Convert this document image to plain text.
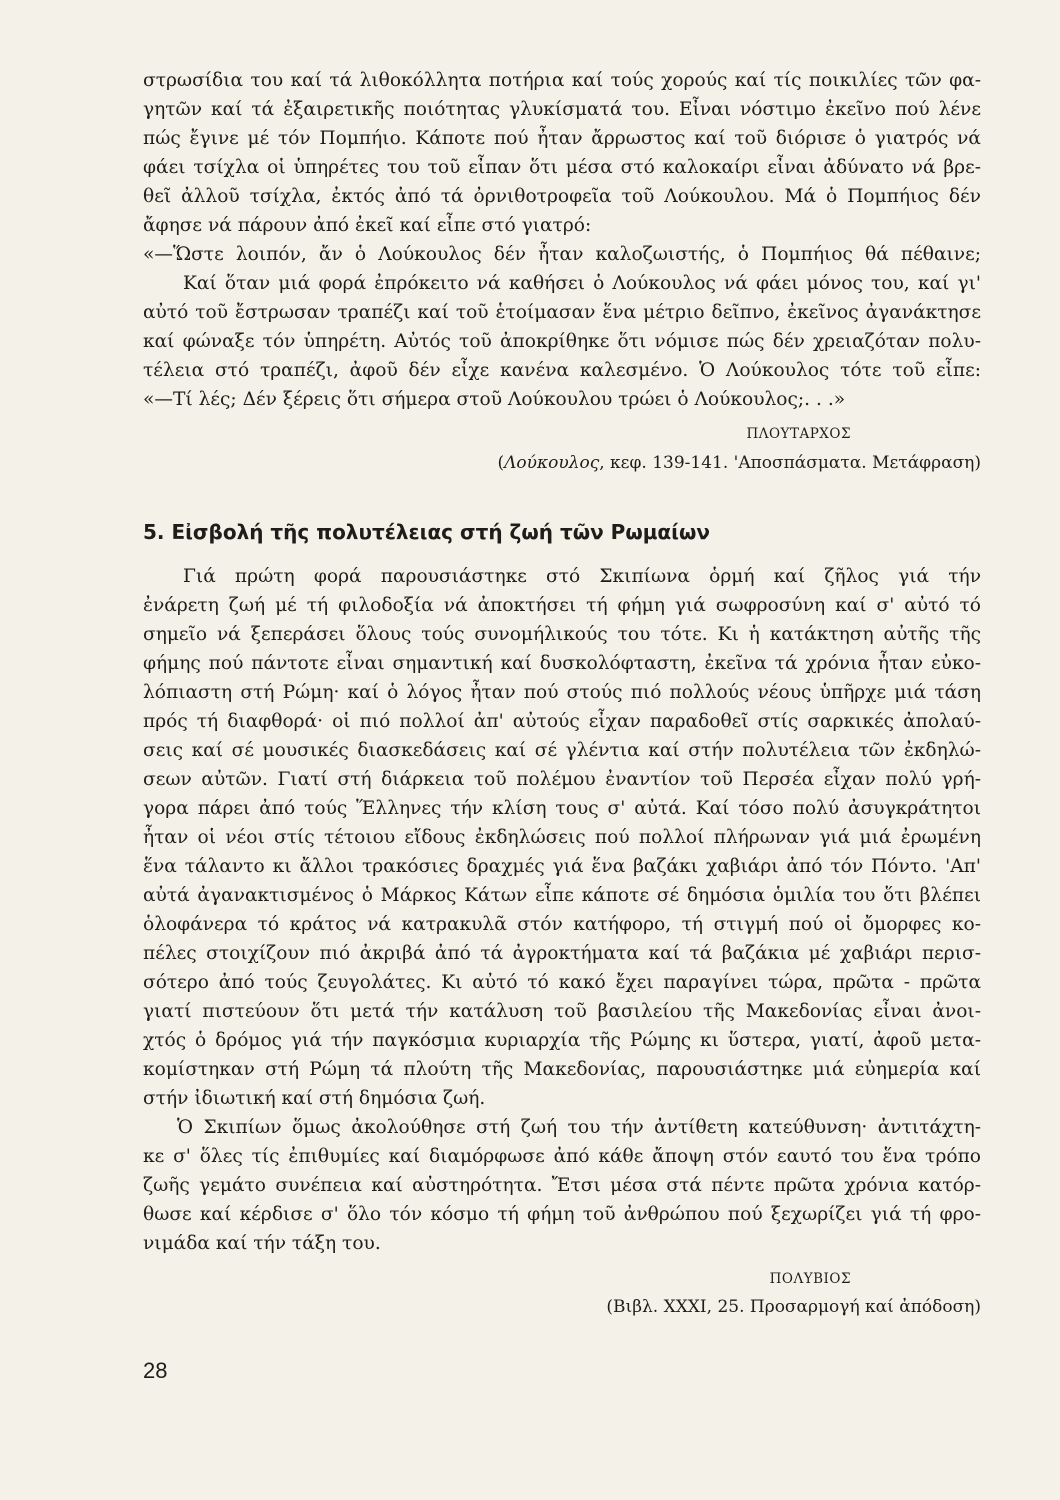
στρωσίδια του καί τά λιθοκόλλητα ποτήρια καί τούς χορούς καί τίς ποικιλίες τῶν φα-
γητῶν καί τά ἐξαιρετικῆς ποιότητας γλυκίσματά του. Εἶναι νόστιμο ἐκεῖνο πού λένε
πώς ἔγινε μέ τόν Πομπήιο. Κάποτε πού ἦταν ἄρρωστος καί τοῦ διόρισε ὁ γιατρός νά
φάει τσίχλα οἱ ὑπηρέτες του τοῦ εἶπαν ὅτι μέσα στό καλοκαίρι εἶναι ἀδύνατο νά βρε-
θεῖ ἀλλοῦ τσίχλα, ἐκτός ἀπό τά ὀρνιθοτροφεῖα τοῦ Λούκουλου. Μά ὁ Πομπήιος δέν
ἄφησε νά πάρουν ἀπό ἐκεῖ καί εἶπε στό γιατρό:
«—Ὥστε λοιπόν, ἄν ὁ Λούκουλος δέν ἦταν καλοζωιστής, ὁ Πομπήιος θά πέθαινε;
Καί ὅταν μιά φορά ἐπρόκειτο νά καθήσει ὁ Λούκουλος νά φάει μόνος του, καί γι'
αὐτό τοῦ ἔστρωσαν τραπέζι καί τοῦ ἑτοίμασαν ἕνα μέτριο δεῖπνο, ἐκεῖνος ἀγανάκτησε
καί φώναξε τόν ὑπηρέτη. Αὐτός τοῦ ἀποκρίθηκε ὅτι νόμισε πώς δέν χρειαζόταν πολυ-
τέλεια στό τραπέζι, ἀφοῦ δέν εἶχε κανένα καλεσμένο. Ὁ Λούκουλος τότε τοῦ εἶπε:
«—Τί λές; Δέν ξέρεις ὅτι σήμερα στοῦ Λούκουλου τρώει ὁ Λούκουλος;. . .»
ΠΛΟΥΤΑΡΧΟΣ
(Λούκουλος, κεφ. 139-141. 'Αποσπάσματα. Μετάφραση)
5. Εἰσβολή τῆς πολυτέλειας στή ζωή τῶν Ρωμαίων
Γιά πρώτη φορά παρουσιάστηκε στό Σκιπίωνα ὁρμή καί ζῆλος γιά τήν
ἐνάρετη ζωή μέ τή φιλοδοξία νά ἀποκτήσει τή φήμη γιά σωφροσύνη καί σ' αὐτό τό
σημεῖο νά ξεπεράσει ὅλους τούς συνομήλικούς του τότε. Κι ἡ κατάκτηση αὐτῆς τῆς
φήμης πού πάντοτε εἶναι σημαντική καί δυσκολόφταστη, ἐκεῖνα τά χρόνια ἦταν εὐκο-
λόπιαστη στή Ρώμη· καί ὁ λόγος ἦταν πού στούς πιό πολλούς νέους ὑπῆρχε μιά τάση
πρός τή διαφθορά· οἱ πιό πολλοί ἀπ' αὐτούς εἶχαν παραδοθεῖ στίς σαρκικές ἀπολαύ-
σεις καί σέ μουσικές διασκεδάσεις καί σέ γλέντια καί στήν πολυτέλεια τῶν ἐκδηλώ-
σεων αὐτῶν. Γιατί στή διάρκεια τοῦ πολέμου ἐναντίον τοῦ Περσέα εἶχαν πολύ γρή-
γορα πάρει ἀπό τούς Ἕλληνες τήν κλίση τους σ' αὐτά. Καί τόσο πολύ ἀσυγκράτητοι
ἦταν οἱ νέοι στίς τέτοιου εἴδους ἐκδηλώσεις πού πολλοί πλήρωναν γιά μιά ἐρωμένη
ἕνα τάλαντο κι ἄλλοι τρακόσιες δραχμές γιά ἕνα βαζάκι χαβιάρι ἀπό τόν Πόντο. 'Απ'
αὐτά ἀγανακτισμένος ὁ Μάρκος Κάτων εἶπε κάποτε σέ δημόσια ὁμιλία του ὅτι βλέπει
ὁλοφάνερα τό κράτος νά κατρακυλᾶ στόν κατήφορο, τή στιγμή πού οἱ ὄμορφες κο-
πέλες στοιχίζουν πιό ἀκριβά ἀπό τά ἀγροκτήματα καί τά βαζάκια μέ χαβιάρι περισ-
σότερο ἀπό τούς ζευγολάτες. Κι αὐτό τό κακό ἔχει παραγίνει τώρα, πρῶτα - πρῶτα
γιατί πιστεύουν ὅτι μετά τήν κατάλυση τοῦ βασιλείου τῆς Μακεδονίας εἶναι ἀνοι-
χτός ὁ δρόμος γιά τήν παγκόσμια κυριαρχία τῆς Ρώμης κι ὕστερα, γιατί, ἀφοῦ μετα-
κομίστηκαν στή Ρώμη τά πλούτη τῆς Μακεδονίας, παρουσιάστηκε μιά εὐημερία καί
στήν ἰδιωτική καί στή δημόσια ζωή.
Ὁ Σκιπίων ὅμως ἀκολούθησε στή ζωή του τήν ἀντίθετη κατεύθυνση· ἀντιτάχτη-
κε σ' ὅλες τίς ἐπιθυμίες καί διαμόρφωσε ἀπό κάθε ἄποψη στόν εαυτό του ἕνα τρόπο
ζωῆς γεμάτο συνέπεια καί αὐστηρότητα. Ἔτσι μέσα στά πέντε πρῶτα χρόνια κατόρ-
θωσε καί κέρδισε σ' ὅλο τόν κόσμο τή φήμη τοῦ ἀνθρώπου πού ξεχωρίζει γιά τή φρο-
νιμάδα καί τήν τάξη του.
ΠΟΛΥΒΙΟΣ
(Βιβλ. XXXI, 25. Προσαρμογή καί ἀπόδοση)
28
